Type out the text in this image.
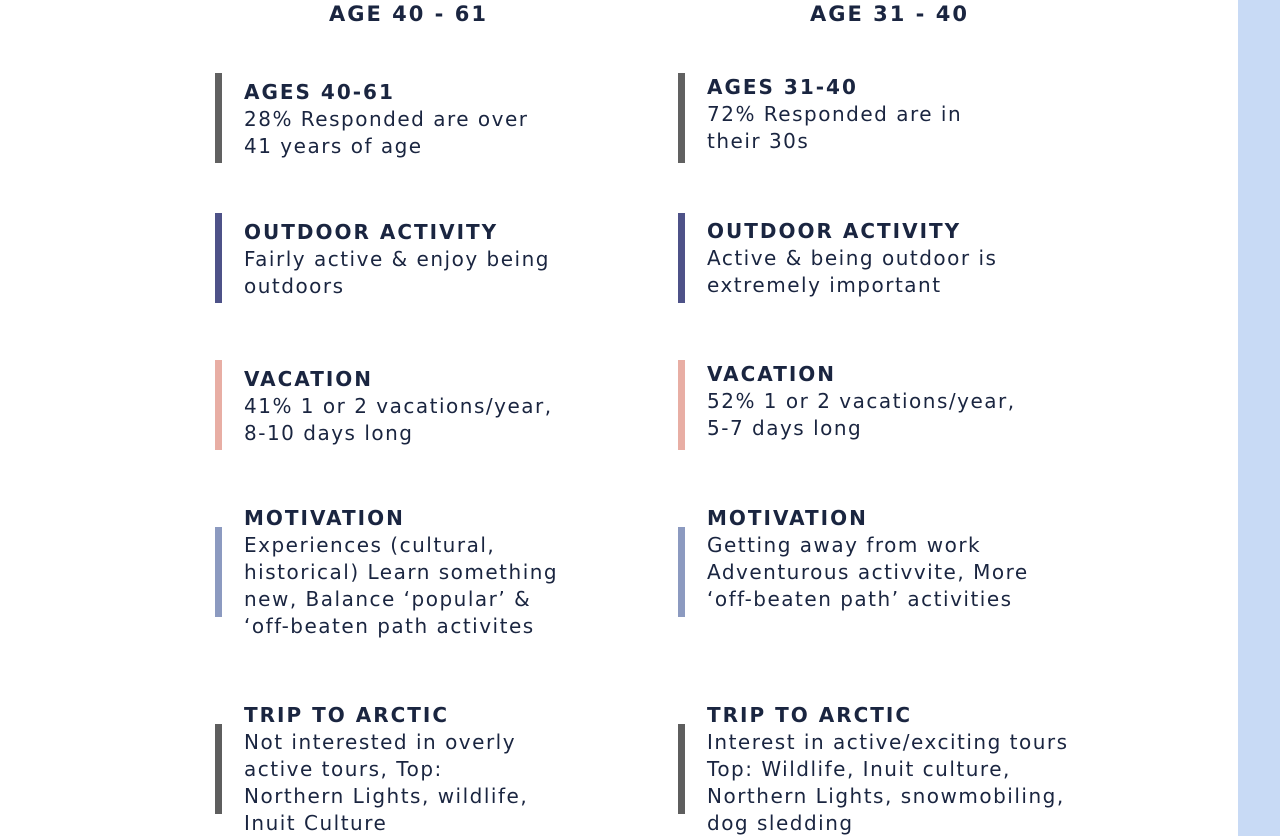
AGE 40 - 61	AGE 31 - 40
AGES 40-61
28% Responded are over
41 years of age
OUTDOOR ACTIVITY
Fairly active & enjoy being
outdoors
VACATION
41% 1 or 2 vacations/year,
8-10 days long
MOTIVATION
Experiences (cultural,
historical) Learn something
new, Balance ‘popular’ &
‘off-beaten path activites
TRIP TO ARCTIC
Not interested in overly
active tours, Top:
Northern Lights, wildlife,
Inuit Culture
AGES 31-40
72% Responded are in
their 30s
OUTDOOR ACTIVITY
Active & being outdoor is
extremely important
VACATION
52% 1 or 2 vacations/year,
5-7 days long
MOTIVATION
Getting away from work
Adventurous activvite, More
‘off-beaten path’ activities
TRIP TO ARCTIC
Interest in active/exciting tours
Top: Wildlife, Inuit culture,
Northern Lights, snowmobiling,
dog sledding
